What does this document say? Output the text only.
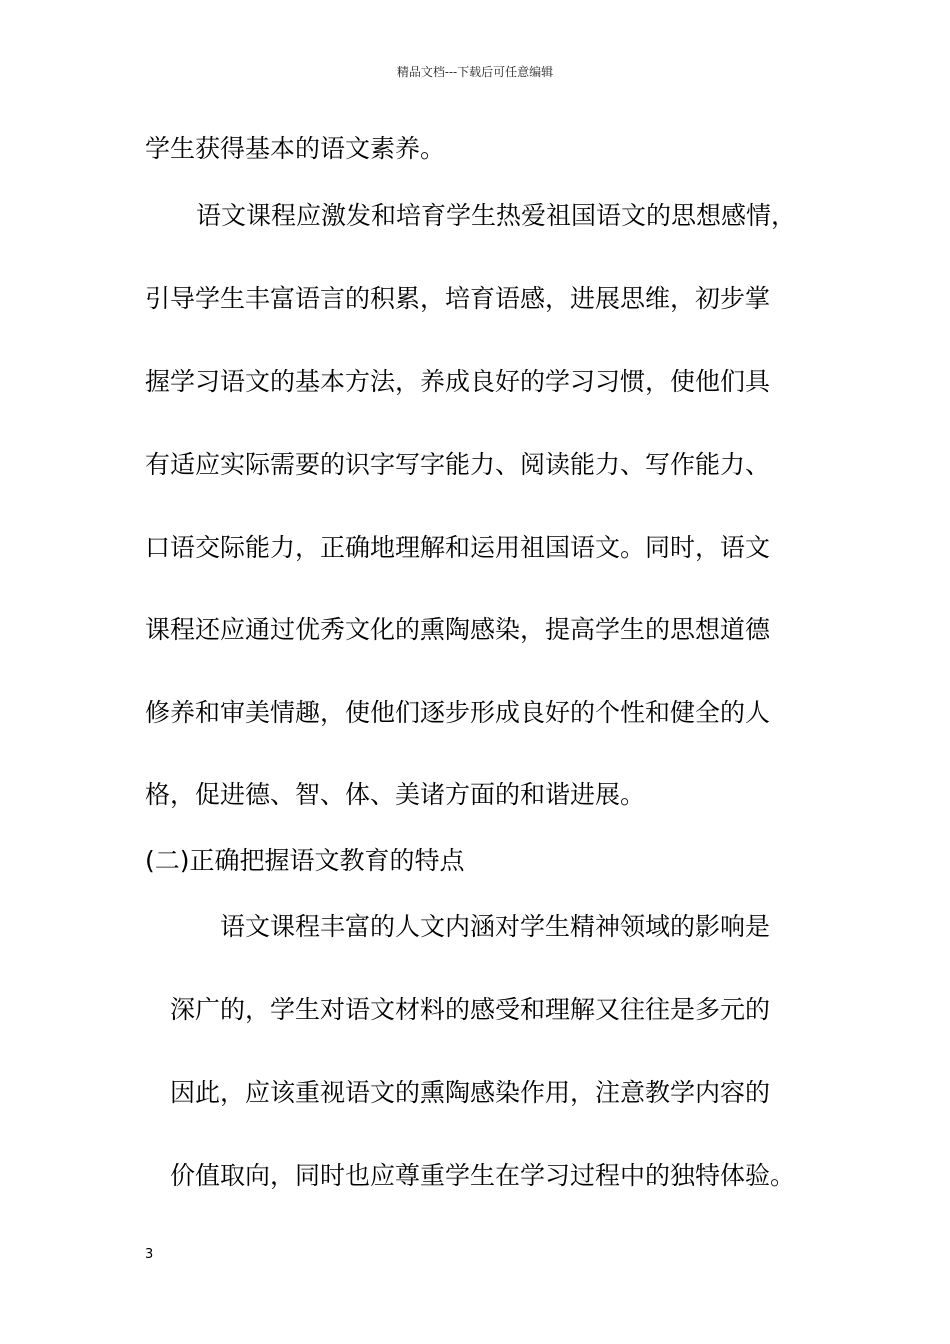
精品文档---下载后可任意编辑
学生获得基本的语文素养。
语文课程应激发和培育学生热爱祖国语文的思想感情，
引导学生丰富语言的积累，培育语感，进展思维，初步掌
握学习语文的基本方法，养成良好的学习习惯，使他们具
有适应实际需要的识字写字能力、阅读能力、写作能力、
口语交际能力，正确地理解和运用祖国语文。同时，语文
课程还应通过优秀文化的熏陶感染，提高学生的思想道德
修养和审美情趣，使他们逐步形成良好的个性和健全的人
格，促进德、智、体、美诸方面的和谐进展。
(二)正确把握语文教育的特点
语文课程丰富的人文内涵对学生精神领域的影响是
深广的，学生对语文材料的感受和理解又往往是多元的
因此，应该重视语文的熏陶感染作用，注意教学内容的
价值取向，同时也应尊重学生在学习过程中的独特体验。
3
